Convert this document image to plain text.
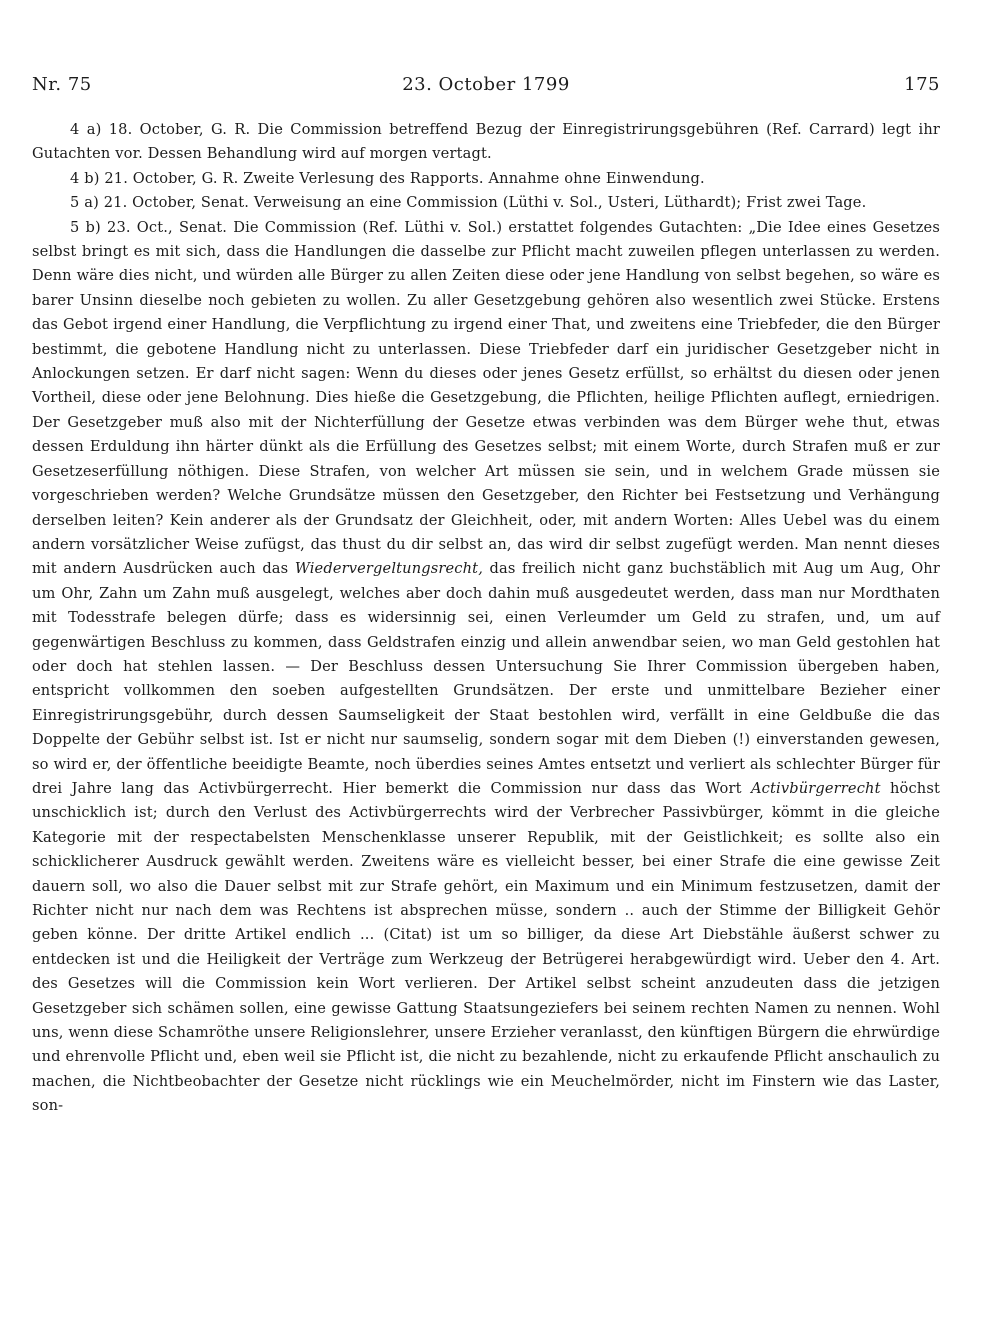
Nr. 75	23. October 1799	175

4 a) 18. October, G. R. Die Commission betreffend Bezug der Einregistrirungsgebühren (Ref. Carrard) legt ihr Gutachten vor. Dessen Behandlung wird auf morgen vertagt.

4 b) 21. October, G. R. Zweite Verlesung des Rapports. Annahme ohne Einwendung.

5 a) 21. October, Senat. Verweisung an eine Commission (Lüthi v. Sol., Usteri, Lüthardt); Frist zwei Tage.

5 b) 23. Oct., Senat. Die Commission (Ref. Lüthi v. Sol.) erstattet folgendes Gutachten: „Die Idee eines Gesetzes selbst bringt es mit sich, dass die Handlungen die dasselbe zur Pflicht macht zuweilen pflegen unterlassen zu werden. Denn wäre dies nicht, und würden alle Bürger zu allen Zeiten diese oder jene Handlung von selbst begehen, so wäre es barer Unsinn dieselbe noch gebieten zu wollen. Zu aller Gesetzgebung gehören also wesentlich zwei Stücke. Erstens das Gebot irgend einer Handlung, die Verpflichtung zu irgend einer That, und zweitens eine Triebfeder, die den Bürger bestimmt, die gebotene Handlung nicht zu unterlassen. Diese Triebfeder darf ein juridischer Gesetzgeber nicht in Anlockungen setzen. Er darf nicht sagen: Wenn du dieses oder jenes Gesetz erfüllst, so erhältst du diesen oder jenen Vortheil, diese oder jene Belohnung. Dies hieße die Gesetzgebung, die Pflichten, heilige Pflichten auflegt, erniedrigen. Der Gesetzgeber muß also mit der Nichterfüllung der Gesetze etwas verbinden was dem Bürger wehe thut, etwas dessen Erduldung ihn härter dünkt als die Erfüllung des Gesetzes selbst; mit einem Worte, durch Strafen muß er zur Gesetzeserfüllung nöthigen. Diese Strafen, von welcher Art müssen sie sein, und in welchem Grade müssen sie vorgeschrieben werden? Welche Grundsätze müssen den Gesetzgeber, den Richter bei Festsetzung und Verhängung derselben leiten? Kein anderer als der Grundsatz der Gleichheit, oder, mit andern Worten: Alles Uebel was du einem andern vorsätzlicher Weise zufügst, das thust du dir selbst an, das wird dir selbst zugefügt werden. Man nennt dieses mit andern Ausdrücken auch das Wiedervergeltungsrecht, das freilich nicht ganz buchstäblich mit Aug um Aug, Ohr um Ohr, Zahn um Zahn muß ausgelegt, welches aber doch dahin muß ausgedeutet werden, dass man nur Mordthaten mit Todesstrafe belegen dürfe; dass es widersinnig sei, einen Verleumder um Geld zu strafen, und, um auf gegenwärtigen Beschluss zu kommen, dass Geldstrafen einzig und allein anwendbar seien, wo man Geld gestohlen hat oder doch hat stehlen lassen. — Der Beschluss dessen Untersuchung Sie Ihrer Commission übergeben haben, entspricht vollkommen den soeben aufgestellten Grundsätzen. Der erste und unmittelbare Bezieher einer Einregistrirungsgebühr, durch dessen Saumseligkeit der Staat bestohlen wird, verfällt in eine Geldbuße die das Doppelte der Gebühr selbst ist. Ist er nicht nur saumselig, sondern sogar mit dem Dieben (!) einverstanden gewesen, so wird er, der öffentliche beeidigte Beamte, noch überdies seines Amtes entsetzt und verliert als schlechter Bürger für drei Jahre lang das Activbürgerrecht. Hier bemerkt die Commission nur dass das Wort Activbürgerrecht höchst unschicklich ist; durch den Verlust des Activbürgerrechts wird der Verbrecher Passivbürger, kömmt in die gleiche Kategorie mit der respectabelsten Menschenklasse unserer Republik, mit der Geistlichkeit; es sollte also ein schicklicherer Ausdruck gewählt werden. Zweitens wäre es vielleicht besser, bei einer Strafe die eine gewisse Zeit dauern soll, wo also die Dauer selbst mit zur Strafe gehört, ein Maximum und ein Minimum festzusetzen, damit der Richter nicht nur nach dem was Rechtens ist absprechen müsse, sondern .. auch der Stimme der Billigkeit Gehör geben könne. Der dritte Artikel endlich ... (Citat) ist um so billiger, da diese Art Diebstähle äußerst schwer zu entdecken ist und die Heiligkeit der Verträge zum Werkzeug der Betrügerei herabgewürdigt wird. Ueber den 4. Art. des Gesetzes will die Commission kein Wort verlieren. Der Artikel selbst scheint anzudeuten dass die jetzigen Gesetzgeber sich schämen sollen, eine gewisse Gattung Staatsungeziefers bei seinem rechten Namen zu nennen. Wohl uns, wenn diese Schamröthe unsere Religionslehrer, unsere Erzieher veranlasst, den künftigen Bürgern die ehrwürdige und ehrenvolle Pflicht und, eben weil sie Pflicht ist, die nicht zu bezahlende, nicht zu erkaufende Pflicht anschaulich zu machen, die Nichtbeobachter der Gesetze nicht rücklings wie ein Meuchelmörder, nicht im Finstern wie das Laster, son-
